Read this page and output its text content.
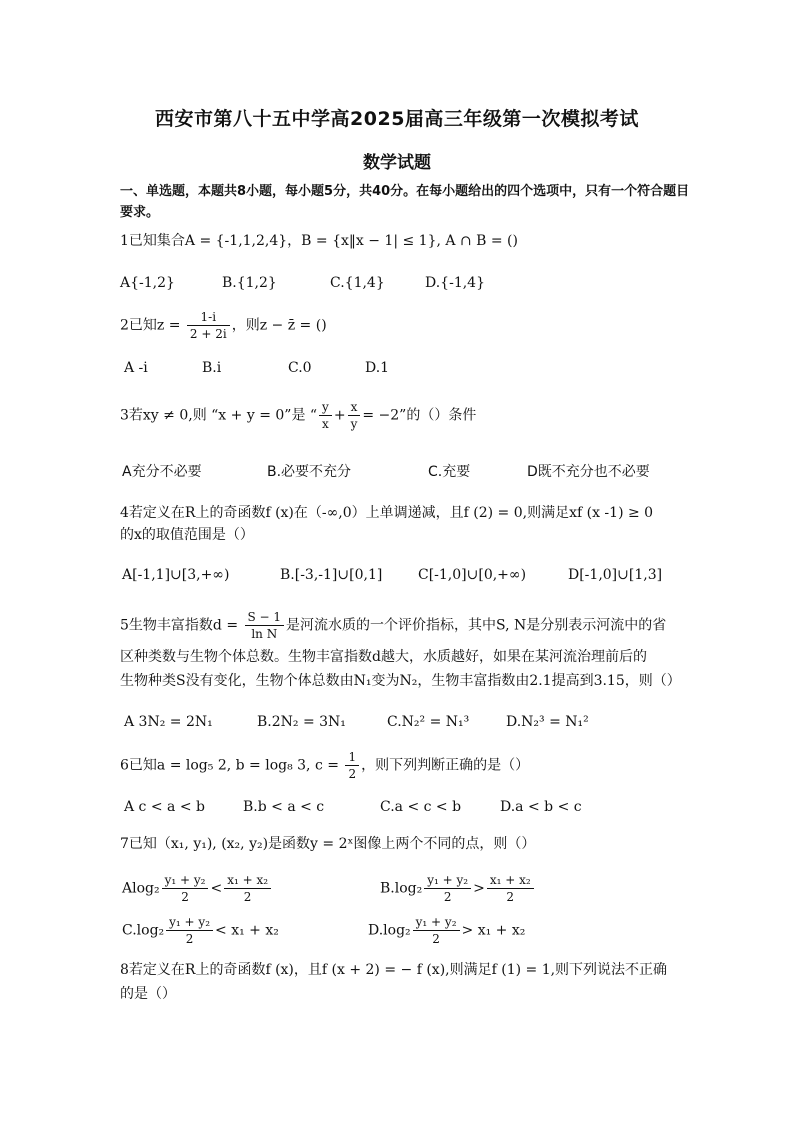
西安市第八十五中学高2025届高三年级第一次模拟考试
数学试题
一、单选题，本题共8小题，每小题5分，共40分。在每小题给出的四个选项中，只有一个符合题目要求。
1已知集合A = {-1,1,2,4}，B = {x‖x − 1| ≤ 1}, A ∩ B = ()
A{-1,2}	B.{1,2}	C.{1,4}	D.{-1,4}
2已知$z = \frac{1-i}{2 + 2i}$ ，则z − z̄ = ()
A -i	B.i	C.0	D.1
3若xy ≠ 0,则 “x + y = 0”是 “ $\frac{y}{x} + \frac{x}{y} = -2$”的（）条件
A充分不必要	B.必要不充分	C.充要	D既不充分也不必要
4若定义在R上的奇函数f (x)在（-∞,0）上单调递减，且f (2) = 0,则满足xf (x -1) ≥ 0
的x的取值范围是（）
A[-1,1]∪[3,+∞)	B.[-3,-1]∪[0,1]	C[-1,0]∪[0,+∞)	D[-1,0]∪[1,3]
5生物丰富指数$d = \frac{S - 1}{\text{ln N}}$ 是河流水质的一个评价指标，其中S, N是分别表示河流中的省
区种类数与生物个体总数。生物丰富指数d越大，水质越好，如果在某河流治理前后的
生物种类S没有变化，生物个体总数由N₁变为N₂，生物丰富指数由2.1提高到3.15，则（）
A 3N₂ = 2N₁	B.2N₂ = 3N₁	C.N₂² = N₁³	D.N₂³ = N₁²
6已知a = log₅ 2, b = log₈ 3, $c = \frac{1}{2}$ ，则下列判断正确的是（）
A c < a < b	B.b < a < c	C.a < c < b	D.a < b < c
7已知（x₁, y₁), (x₂, y₂)是函数y = 2ˣ图像上两个不同的点，则（）
$Alog_2 \frac{\text{y₁ + y₂}}{2} < \frac{\text{x₁ + x₂}}{2}$	$B.\log_2 \frac{\text{y₁ + y₂}}{2} > \frac{\text{x₁ + x₂}}{2}$
$C.\log_2 \frac{\text{y₁ + y₂}}{2} < x_1 + x_2$	$D.\log_2 \frac{\text{y₁ + y₂}}{2} > x_1 + x_2$
8若定义在R上的奇函数f (x)，且f (x + 2) = − f (x),则满足f (1) = 1,则下列说法不正确
的是（）
